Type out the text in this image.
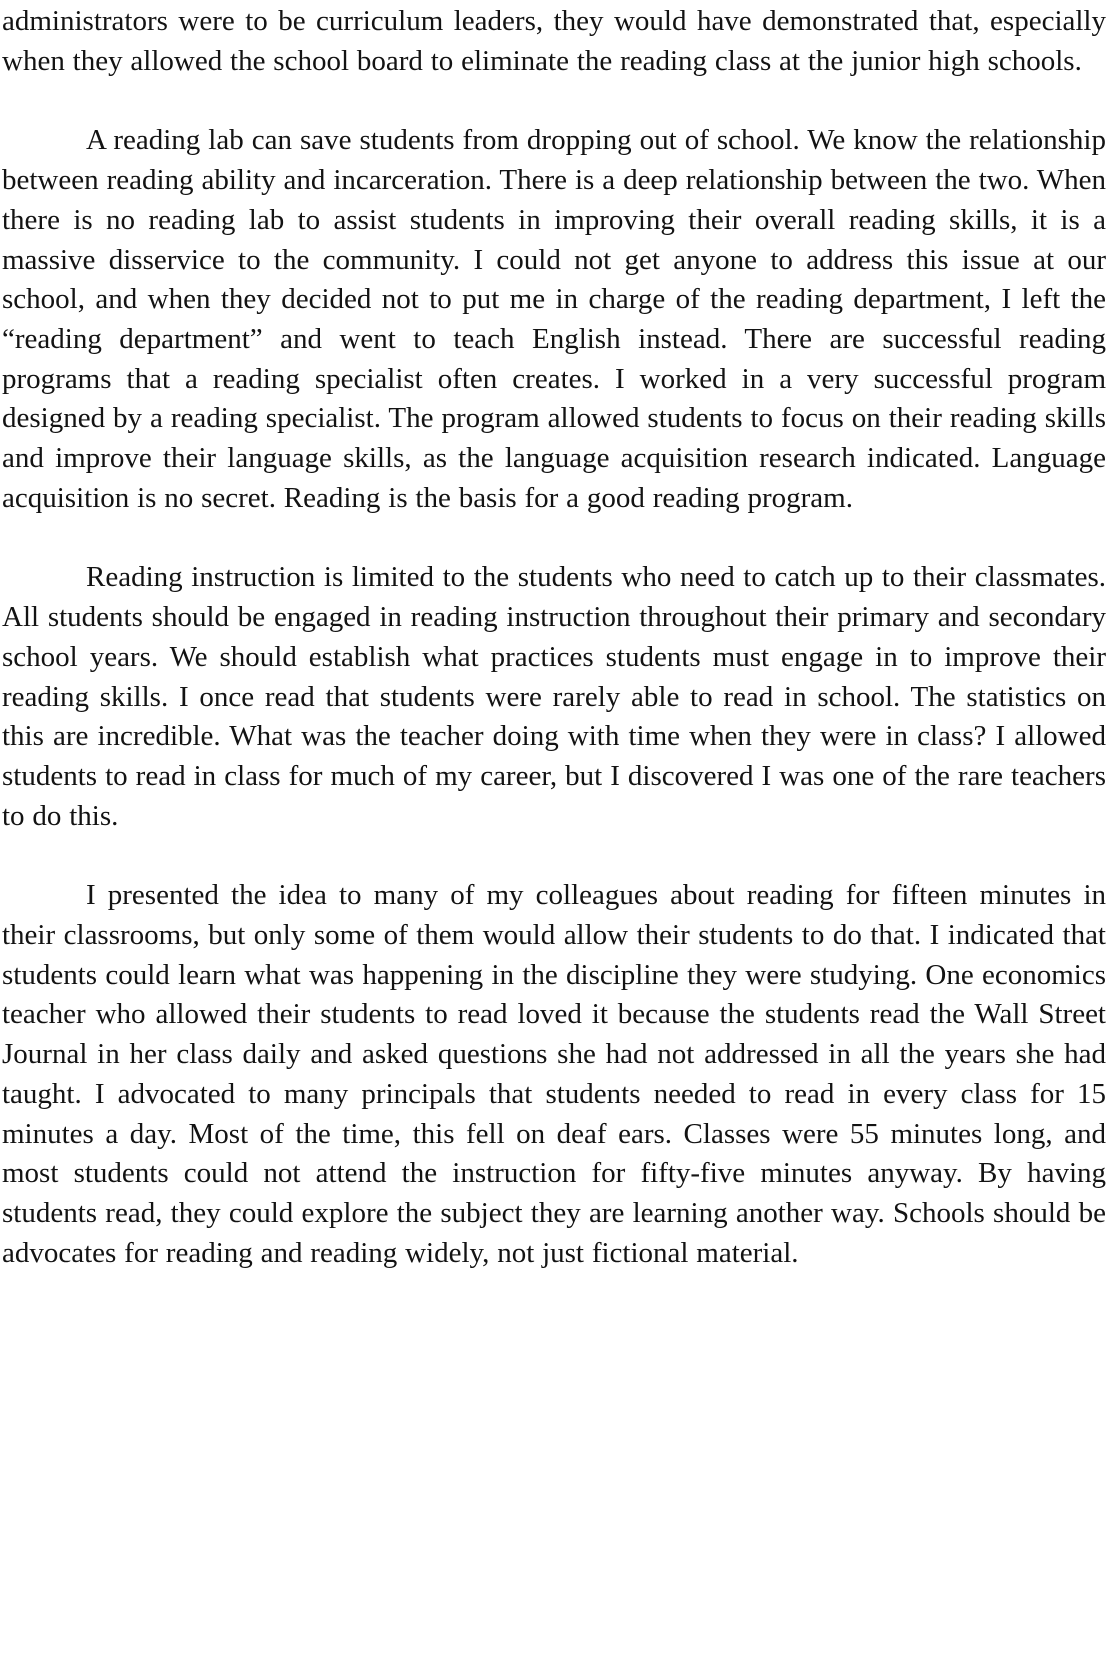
administrators were to be curriculum leaders, they would have demonstrated that, especially when they allowed the school board to eliminate the reading class at the junior high schools.

A reading lab can save students from dropping out of school. We know the relationship between reading ability and incarceration. There is a deep relationship between the two. When there is no reading lab to assist students in improving their overall reading skills, it is a massive disservice to the community. I could not get anyone to address this issue at our school, and when they decided not to put me in charge of the reading department, I left the “reading department” and went to teach English instead. There are successful reading programs that a reading specialist often creates. I worked in a very successful program designed by a reading specialist. The program allowed students to focus on their reading skills and improve their language skills, as the language acquisition research indicated. Language acquisition is no secret. Reading is the basis for a good reading program.

Reading instruction is limited to the students who need to catch up to their classmates. All students should be engaged in reading instruction throughout their primary and secondary school years. We should establish what practices students must engage in to improve their reading skills. I once read that students were rarely able to read in school. The statistics on this are incredible. What was the teacher doing with time when they were in class? I allowed students to read in class for much of my career, but I discovered I was one of the rare teachers to do this.

I presented the idea to many of my colleagues about reading for fifteen minutes in their classrooms, but only some of them would allow their students to do that. I indicated that students could learn what was happening in the discipline they were studying. One economics teacher who allowed their students to read loved it because the students read the Wall Street Journal in her class daily and asked questions she had not addressed in all the years she had taught. I advocated to many principals that students needed to read in every class for 15 minutes a day. Most of the time, this fell on deaf ears. Classes were 55 minutes long, and most students could not attend the instruction for fifty-five minutes anyway. By having students read, they could explore the subject they are learning another way. Schools should be advocates for reading and reading widely, not just fictional material.
